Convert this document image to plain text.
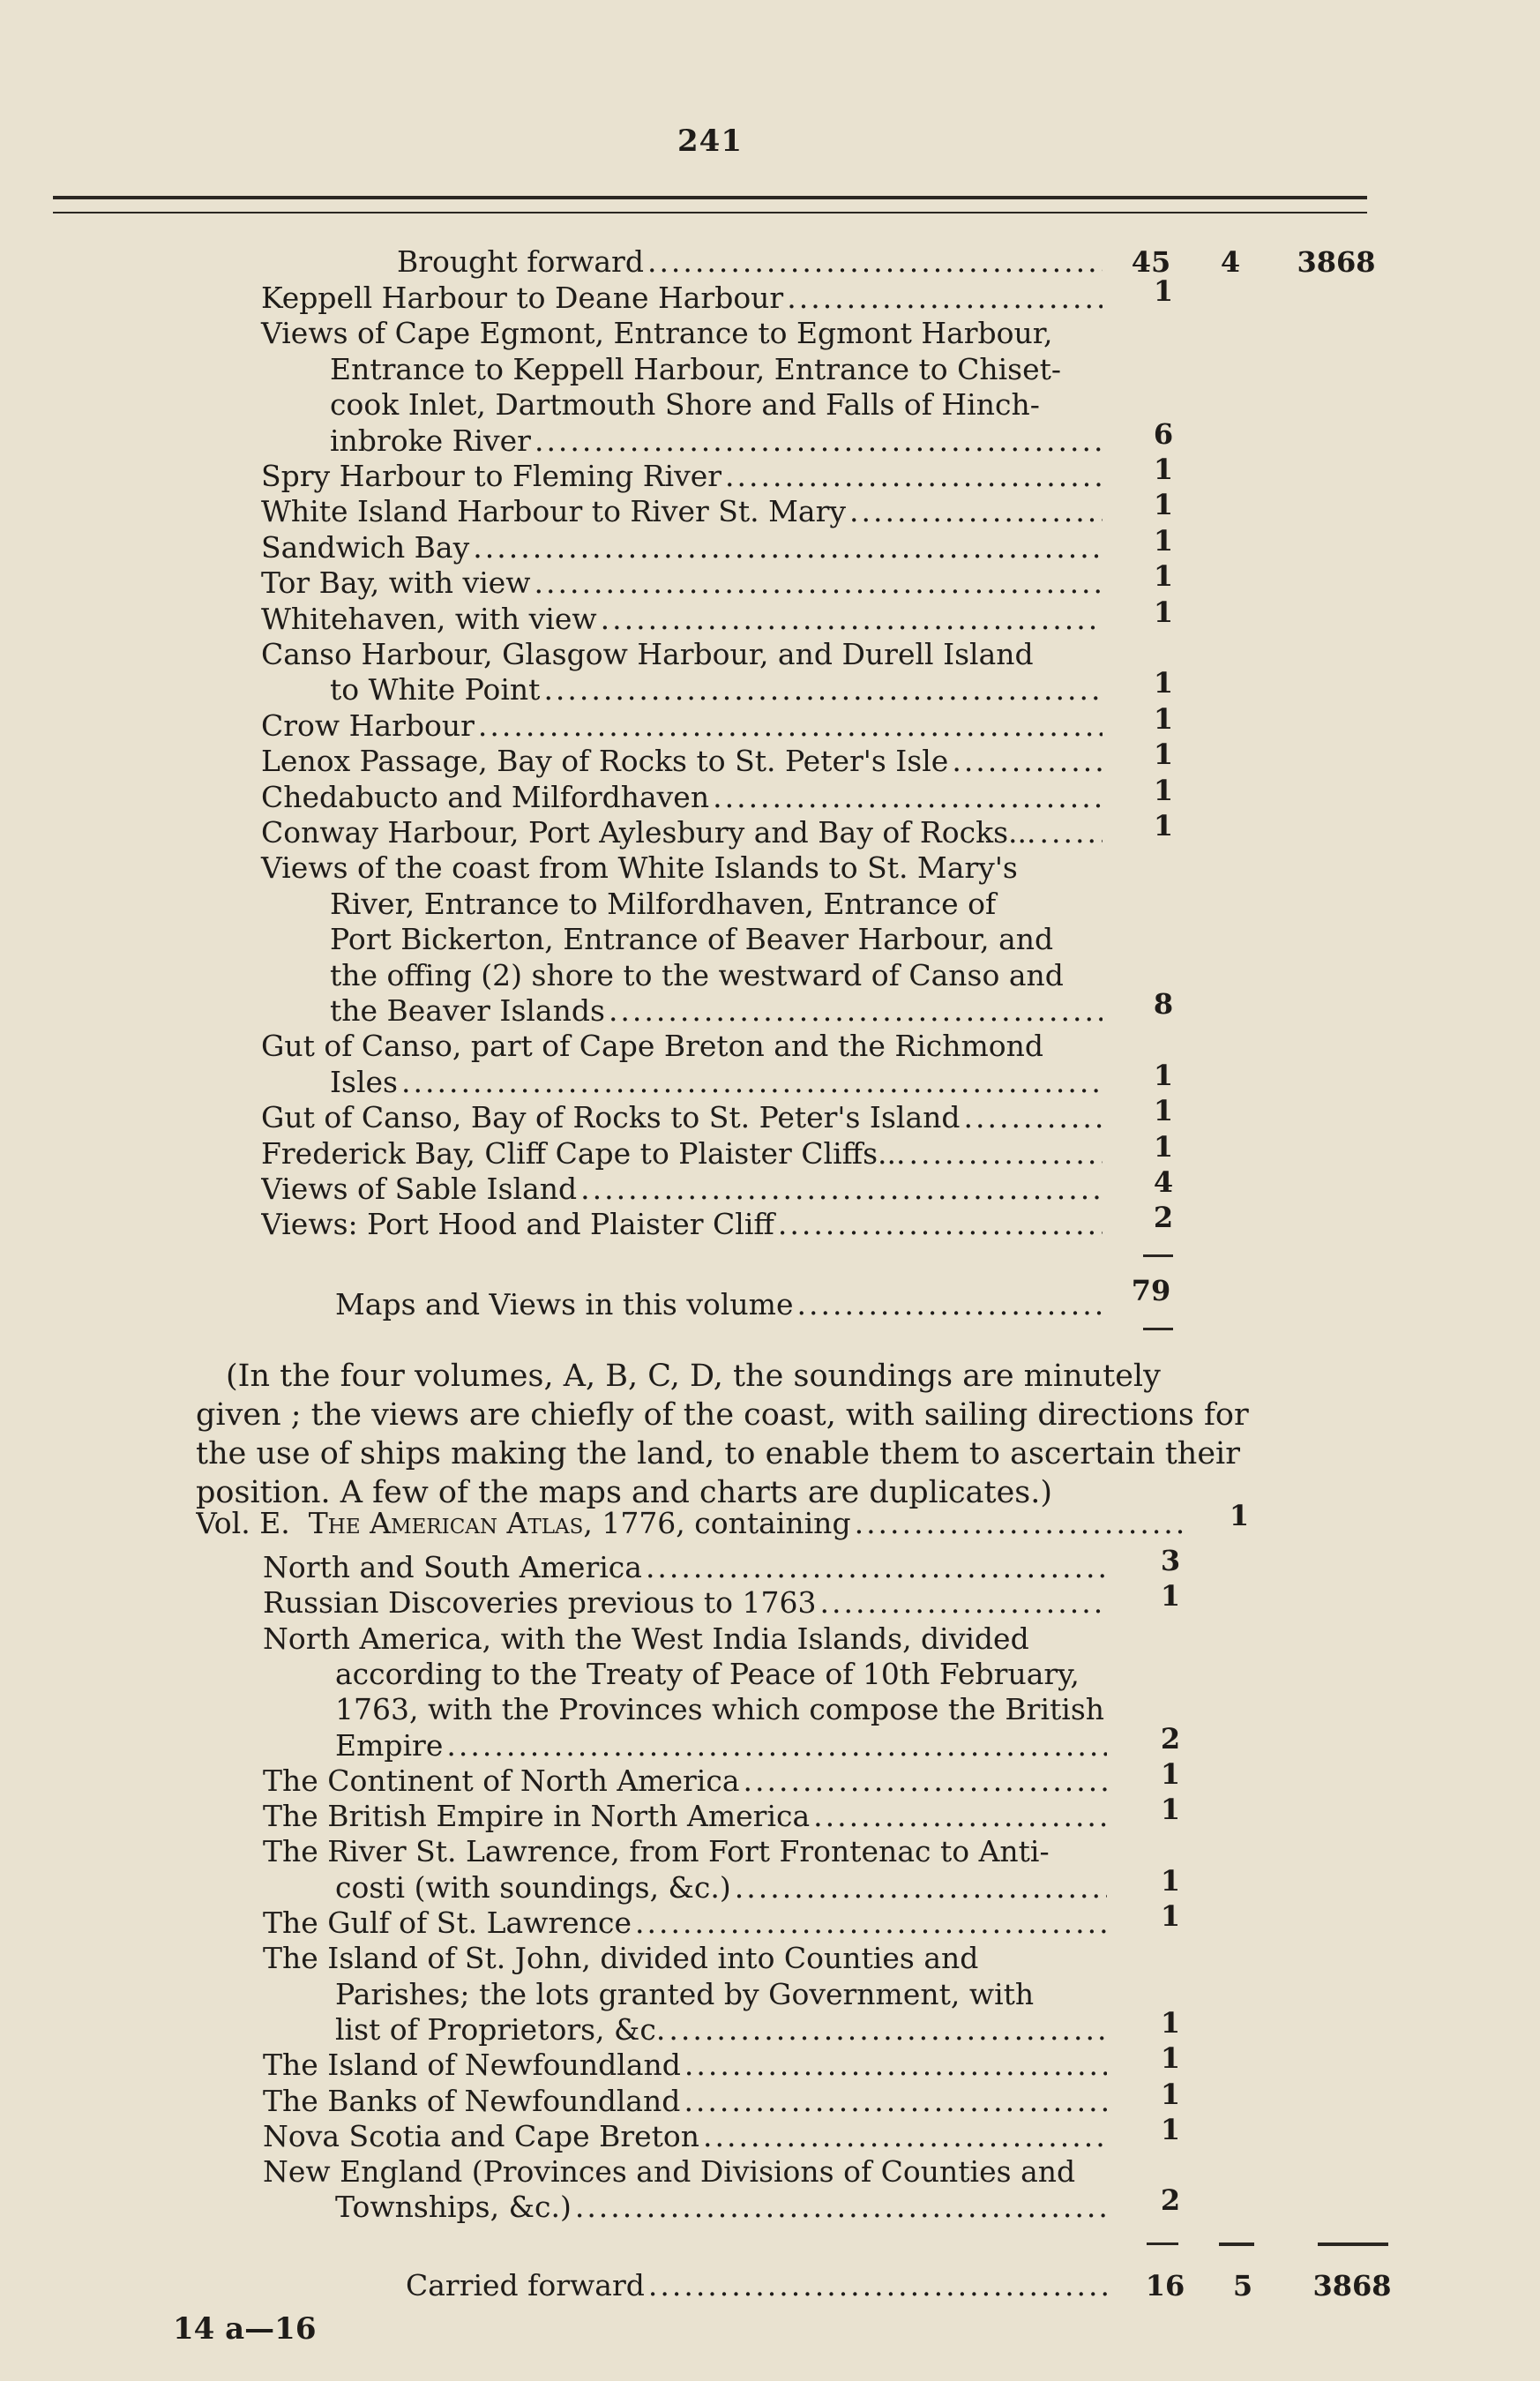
241
Brought forward .....	45	4	3868
Keppell Harbour to Deane Harbour .....	1
Views of Cape Egmont, Entrance to Egmont Harbour,
Entrance to Keppell Harbour, Entrance to Chiset-
cook Inlet, Dartmouth Shore and Falls of Hinch-
inbroke River .....	6
Spry Harbour to Fleming River .....	1
White Island Harbour to River St. Mary .....	1
Sandwich Bay .....	1
Tor Bay, with view .....	1
Whitehaven, with view .....	1
Canso Harbour, Glasgow Harbour, and Durell Island
to White Point .....	1
Crow Harbour .....	1
Lenox Passage, Bay of Rocks to St. Peter's Isle .....	1
Chedabucto and Milfordhaven .....	1
Conway Harbour, Port Aylesbury and Bay of Rocks... .....	1
Views of the coast from White Islands to St. Mary's
River, Entrance to Milfordhaven, Entrance of
Port Bickerton, Entrance of Beaver Harbour, and
the offing (2) shore to the westward of Canso and
the Beaver Islands .....	8
Gut of Canso, part of Cape Breton and the Richmond
Isles .....	1
Gut of Canso, Bay of Rocks to St. Peter's Island .....	1
Frederick Bay, Cliff Cape to Plaister Cliffs... .....	1
Views of Sable Island .....	4
Views: Port Hood and Plaister Cliff .....	2
Maps and Views in this volume .....	79
(In the four volumes, A, B, C, D, the soundings are minutely
given ; the views are chiefly of the coast, with sailing directions for
the use of ships making the land, to enable them to ascertain their
position. A few of the maps and charts are duplicates.)
Vol. E. The American Atlas, 1776, containing .....	1
North and South America .....	3
Russian Discoveries previous to 1763 .....	1
North America, with the West India Islands, divided
according to the Treaty of Peace of 10th February,
1763, with the Provinces which compose the British
Empire .....	2
The Continent of North America .....	1
The British Empire in North America .....	1
The River St. Lawrence, from Fort Frontenac to Anti-
costi (with soundings, &c.) .....	1
The Gulf of St. Lawrence .....	1
The Island of St. John, divided into Counties and
Parishes; the lots granted by Government, with
list of Proprietors, &c. .....	1
The Island of Newfoundland .....	1
The Banks of Newfoundland .....	1
Nova Scotia and Cape Breton .....	1
New England (Provinces and Divisions of Counties and
Townships, &c.) .....	2
Carried forward .....	16	5	3868
14 a—16
